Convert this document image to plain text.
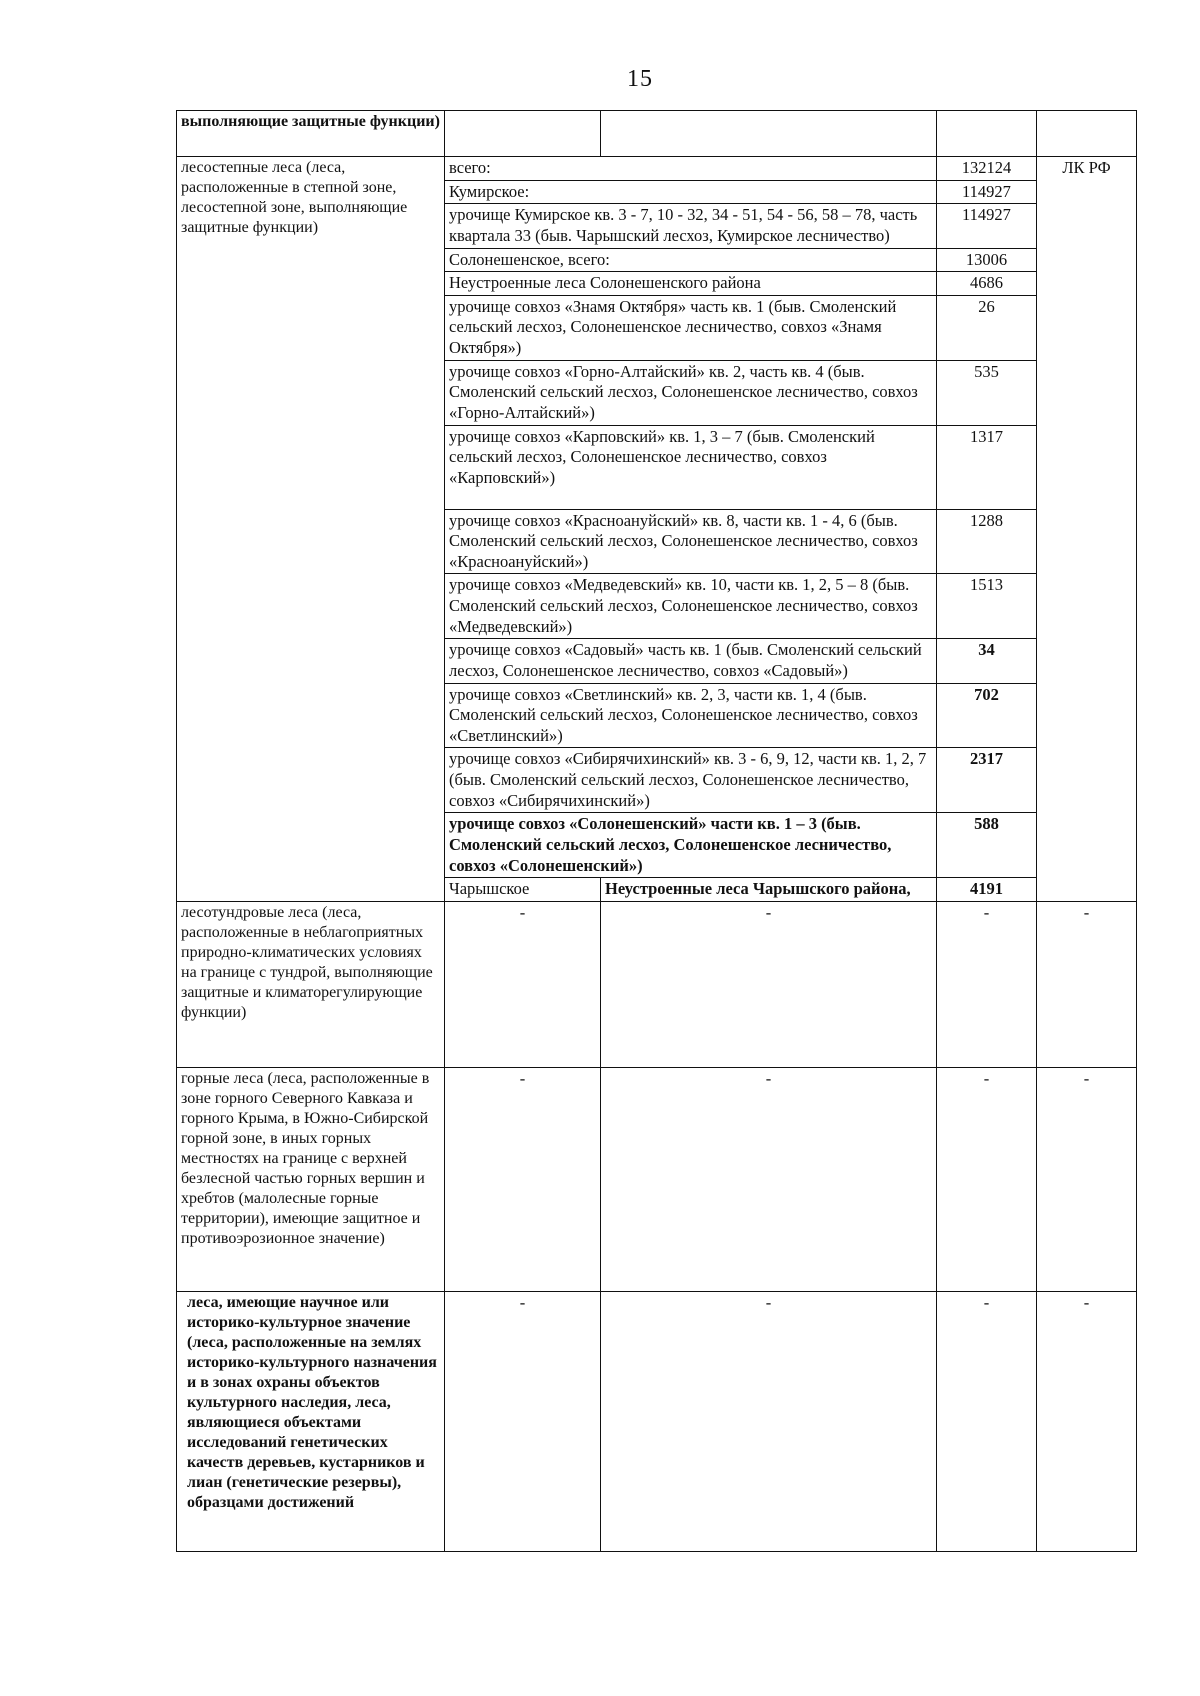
15
выполняющие защитные функции)				
лесостепные леса (леса, расположенные в степной зоне, лесостепной зоне, выполняющие защитные функции)	всего:		132124	ЛК РФ
	Кумирское:		114927	
	урочище Кумирское кв. 3 - 7, 10 - 32, 34 - 51, 54 - 56, 58 – 78, часть квартала 33 (быв. Чарышский лесхоз, Кумирское лесничество)		114927	
	Солонешенское, всего:		13006	
	Неустроенные леса Солонешенского района		4686	
	урочище совхоз «Знамя Октября» часть кв. 1 (быв. Смоленский сельский лесхоз, Солонешенское лесничество, совхоз «Знамя Октября»)		26	
	урочище совхоз «Горно-Алтайский» кв. 2, часть кв. 4 (быв. Смоленский сельский лесхоз, Солонешенское лесничество, совхоз «Горно-Алтайский»)		535	
	урочище совхоз «Карповский» кв. 1, 3 – 7 (быв. Смоленский сельский лесхоз, Солонешенское лесничество, совхоз «Карповский»)		1317	
	урочище совхоз «Красноануйский» кв. 8, части кв. 1 - 4, 6 (быв. Смоленский сельский лесхоз, Солонешенское лесничество, совхоз «Красноануйский»)		1288	
	урочище совхоз «Медведевский» кв. 10, части кв. 1, 2, 5 – 8 (быв. Смоленский сельский лесхоз, Солонешенское лесничество, совхоз «Медведевский»)		1513	
	урочище совхоз «Садовый» часть кв. 1 (быв. Смоленский сельский лесхоз, Солонешенское лесничество, совхоз «Садовый»)		34	
	урочище совхоз «Светлинский» кв. 2, 3, части кв. 1, 4 (быв. Смоленский сельский лесхоз, Солонешенское лесничество, совхоз «Светлинский»)		702	
	урочище совхоз «Сибирячихинский» кв. 3 - 6, 9, 12, части кв. 1, 2, 7 (быв. Смоленский сельский лесхоз, Солонешенское лесничество, совхоз «Сибирячихинский»)		2317	
	урочище совхоз «Солонешенский» части кв. 1 – 3 (быв. Смоленский сельский лесхоз, Солонешенское лесничество, совхоз «Солонешенский»)		588	
	Чарышское	Неустроенные леса Чарышского района,	4191	
лесотундровые леса (леса, расположенные в неблагоприятных природно-климатических условиях на границе с тундрой, выполняющие защитные и климаторегулирующие функции)	-	-	-	-
горные леса (леса, расположенные в зоне горного Северного Кавказа и горного Крыма, в Южно-Сибирской горной зоне, в иных горных местностях на границе с верхней безлесной частью горных вершин и хребтов (малолесные горные территории), имеющие защитное и противоэрозионное значение)	-	-	-	-
леса, имеющие научное или историко-культурное значение (леса, расположенные на землях историко-культурного назначения и в зонах охраны объектов культурного наследия, леса, являющиеся объектами исследований генетических качеств деревьев, кустарников и лиан (генетические резервы), образцами достижений	-	-	-	-
